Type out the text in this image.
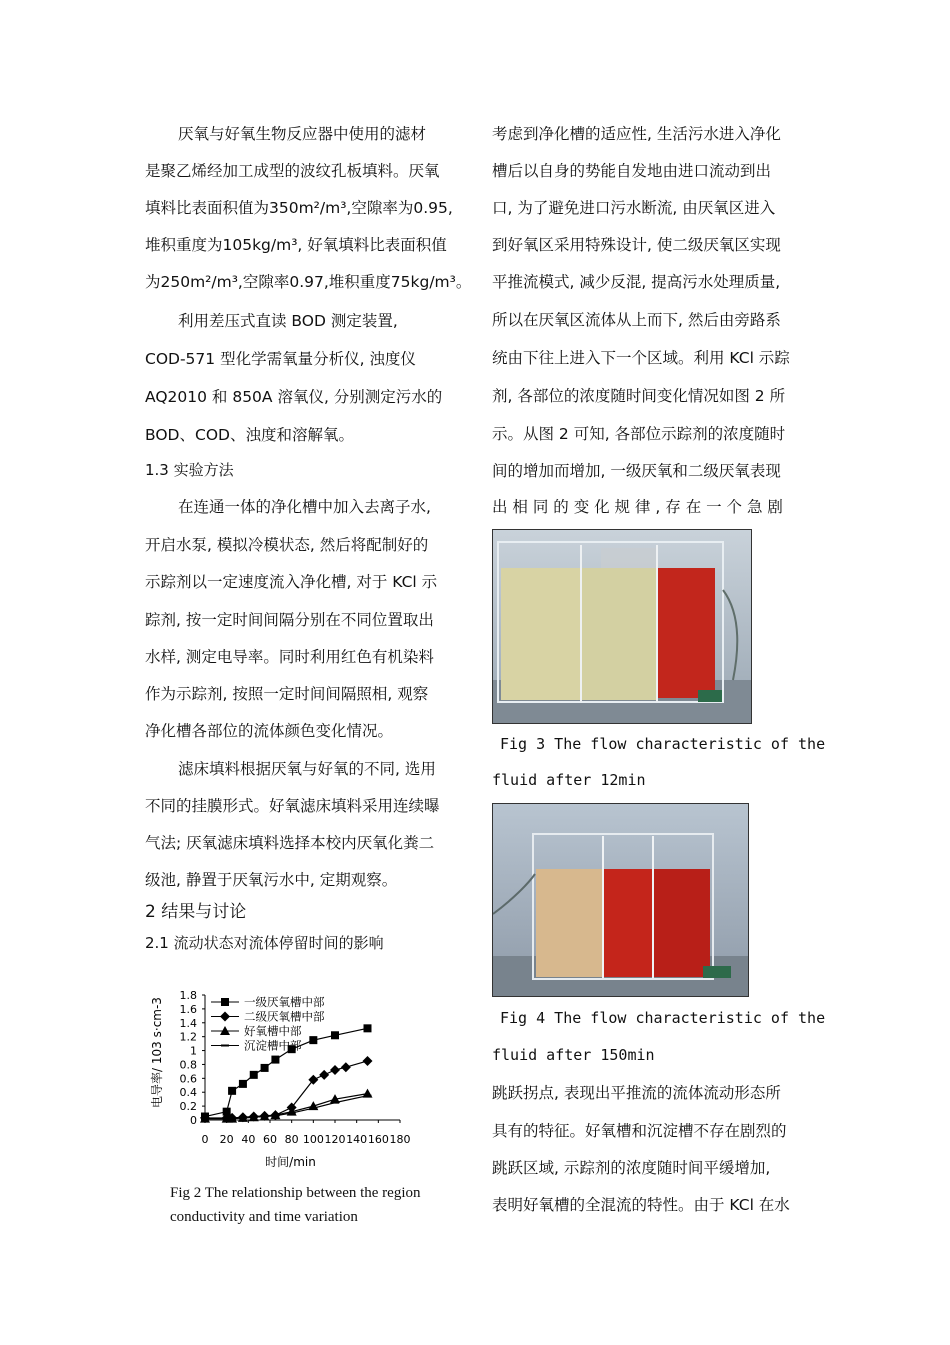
厌氧与好氧生物反应器中使用的滤材
是聚乙烯经加工成型的波纹孔板填料。厌氧
填料比表面积值为350m²/m³,空隙率为0.95,
堆积重度为105kg/m³, 好氧填料比表面积值
为250m²/m³,空隙率0.97,堆积重度75kg/m³。
利用差压式直读 BOD 测定装置,
COD-571 型化学需氧量分析仪, 浊度仪
AQ2010 和 850A 溶氧仪, 分别测定污水的
BOD、COD、浊度和溶解氧。
1.3 实验方法
在连通一体的净化槽中加入去离子水,
开启水泵, 模拟冷模状态, 然后将配制好的
示踪剂以一定速度流入净化槽, 对于 KCl 示
踪剂, 按一定时间间隔分别在不同位置取出
水样, 测定电导率。同时利用红色有机染料
作为示踪剂, 按照一定时间间隔照相, 观察
净化槽各部位的流体颜色变化情况。
滤床填料根据厌氧与好氧的不同, 选用
不同的挂膜形式。好氧滤床填料采用连续曝
气法; 厌氧滤床填料选择本校内厌氧化粪二
级池, 静置于厌氧污水中, 定期观察。
2 结果与讨论
2.1 流动状态对流体停留时间的影响
1.8
1.6
1.4
1.2
1
0.8
0.6
0.4
0.2
0
0 20 40 60 80 100 120 140 160 180
时间/min
电导率/ 103 s·cm-3	一级厌氧槽中部
二级厌氧槽中部
好氧槽中部
沉淀槽中部
Fig 2 The relationship between the region
conductivity and time variation
考虑到净化槽的适应性, 生活污水进入净化
槽后以自身的势能自发地由进口流动到出
口, 为了避免进口污水断流, 由厌氧区进入
到好氧区采用特殊设计, 使二级厌氧区实现
平推流模式, 减少反混, 提高污水处理质量,
所以在厌氧区流体从上而下, 然后由旁路系
统由下往上进入下一个区域。利用 KCl 示踪
剂, 各部位的浓度随时间变化情况如图 2 所
示。从图 2 可知, 各部位示踪剂的浓度随时
间的增加而增加, 一级厌氧和二级厌氧表现
出 相 同 的 变 化 规 律 , 存 在 一 个 急 剧
Fig 3 The flow characteristic of the
fluid after 12min
Fig 4 The flow characteristic of the
fluid after 150min
跳跃拐点, 表现出平推流的流体流动形态所
具有的特征。好氧槽和沉淀槽不存在剧烈的
跳跃区域, 示踪剂的浓度随时间平缓增加,
表明好氧槽的全混流的特性。由于 KCl 在水
